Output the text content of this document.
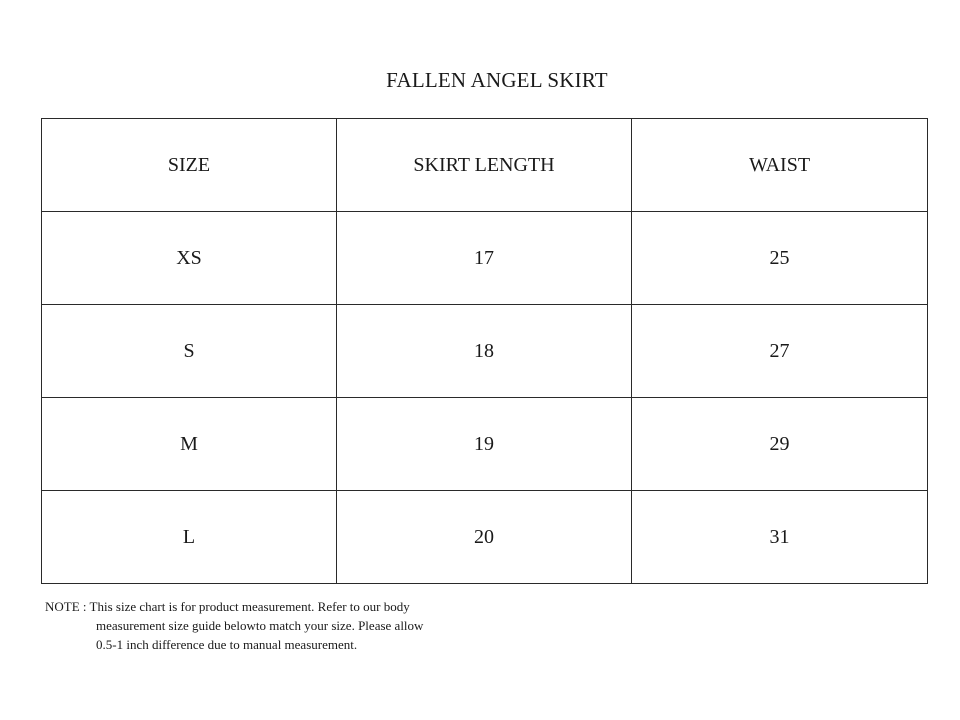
FALLEN ANGEL SKIRT
SIZE	SKIRT LENGTH	WAIST
XS	17	25
S	18	27
M	19	29
L	20	31
NOTE : This size chart is for product measurement. Refer to our body
measurement size guide belowto match your size. Please allow
0.5-1 inch difference due to manual measurement.
